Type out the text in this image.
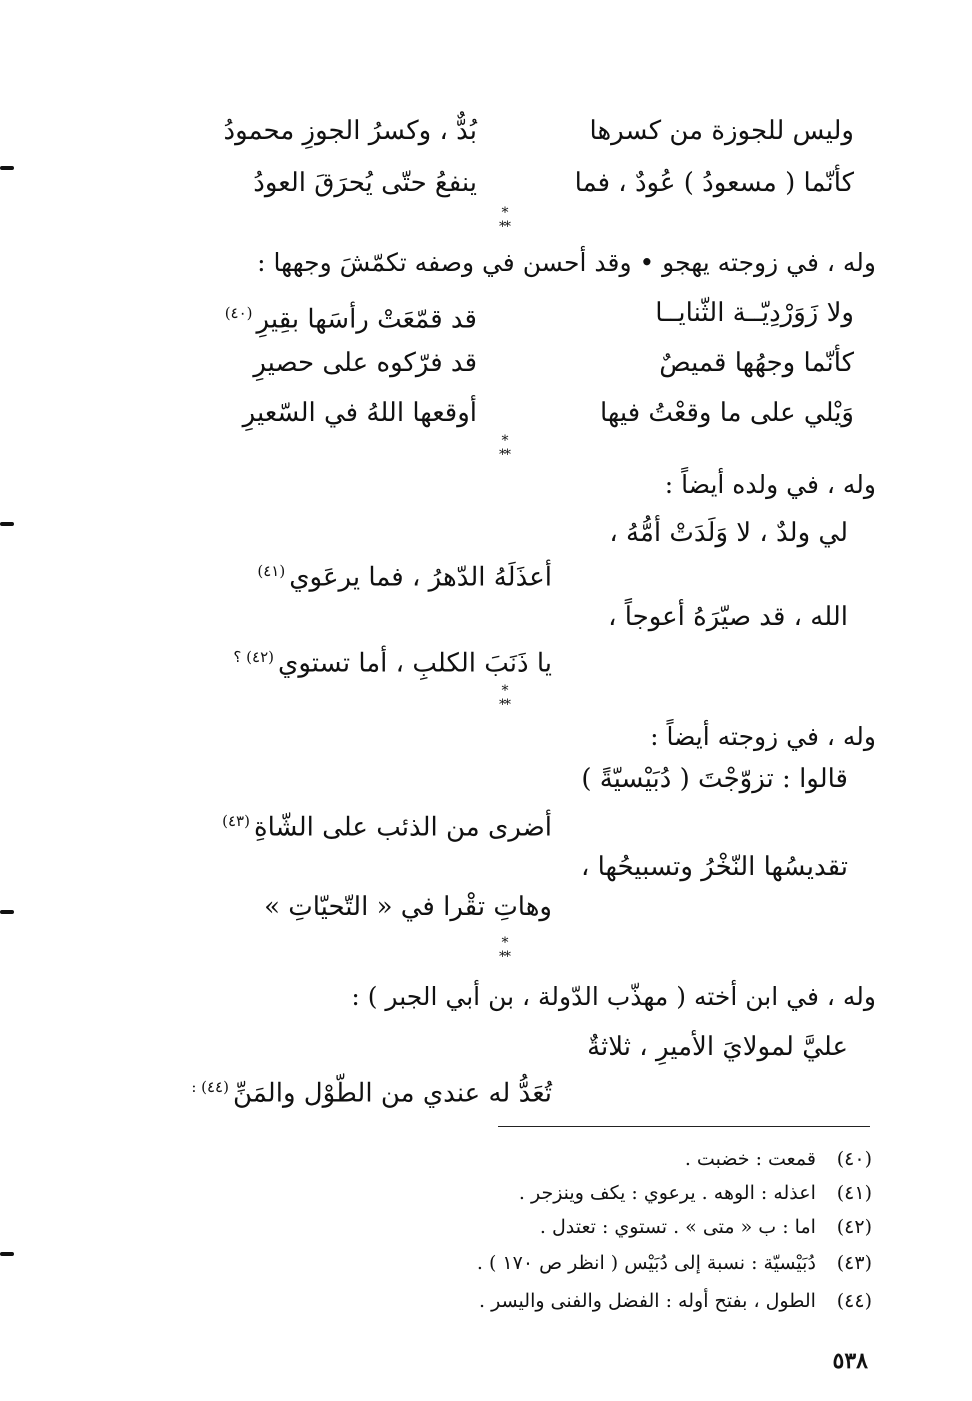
وليس للجوزة من كسرها
بُدٌّ ، وكسرُ الجوزِ محمودُ
كأنّما ( مسعودُ ) عُودٌ ، فما
ينفعُ حتّى يُحرَقَ العودُ
*
**
وله ، في زوجته يهجو • وقد أحسن في وصفه تكمّشَ وجهها :
ولا زَوَرْدِيّــة الثّنايــا
قد قمّعَتْ رأسَها بقِيرِ$^{(٤٠)}$
كأنّما وجهُها قميصٌ
قد فرّكوه على حصيرِ
وَيْلي على ما وقعْتُ فيها
أوقعها اللهُ في السّعيرِ
*
**
وله ، في ولده أيضاً :
لي ولدٌ ، لا وَلَدَتْ أمُّهُ ،
أعذَلَهُ الدّهرُ ، فما يرعَوي$^{(٤١)}$
الله ، قد صيّرَهُ أعوجاً ،
يا ذَنَبَ الكلبِ ، أما تستوي$^{(٤٢) ؟}$
*
**
وله ، في زوجته أيضاً :
قالوا : تزوّجْتَ ( دُبَيْسيّةً )
أضرى من الذئب على الشّاةِ$^{(٤٣)}$
تقديسُها النّخْرُ وتسبيحُها ،
وهاتِ تقْرا في « التّحيّاتِ »
*
**
وله ، في ابن أخته ( مهذّب الدّولة ، بن أبي الجبر ) :
عليَّ لمولايَ الأميرِ ، ثلاثةٌ
تُعَدُّ له عندي من الطّوْل والمَنِّ$^{(٤٤) :}$
(٤٠)  قمعت : خضبت .
(٤١)  اعذله : الوهه . يرعوي : يكف وينزجر .
(٤٢)  اما : ب « متى » . تستوي : تعتدل .
(٤٣)  دُبَيْسيّة : نسبة إلى دُبَيْس ( انظر ص ١٧٠ ) .
(٤٤)  الطول ، بفتح أوله : الفضل والفنى واليسر .
٥٣٨
